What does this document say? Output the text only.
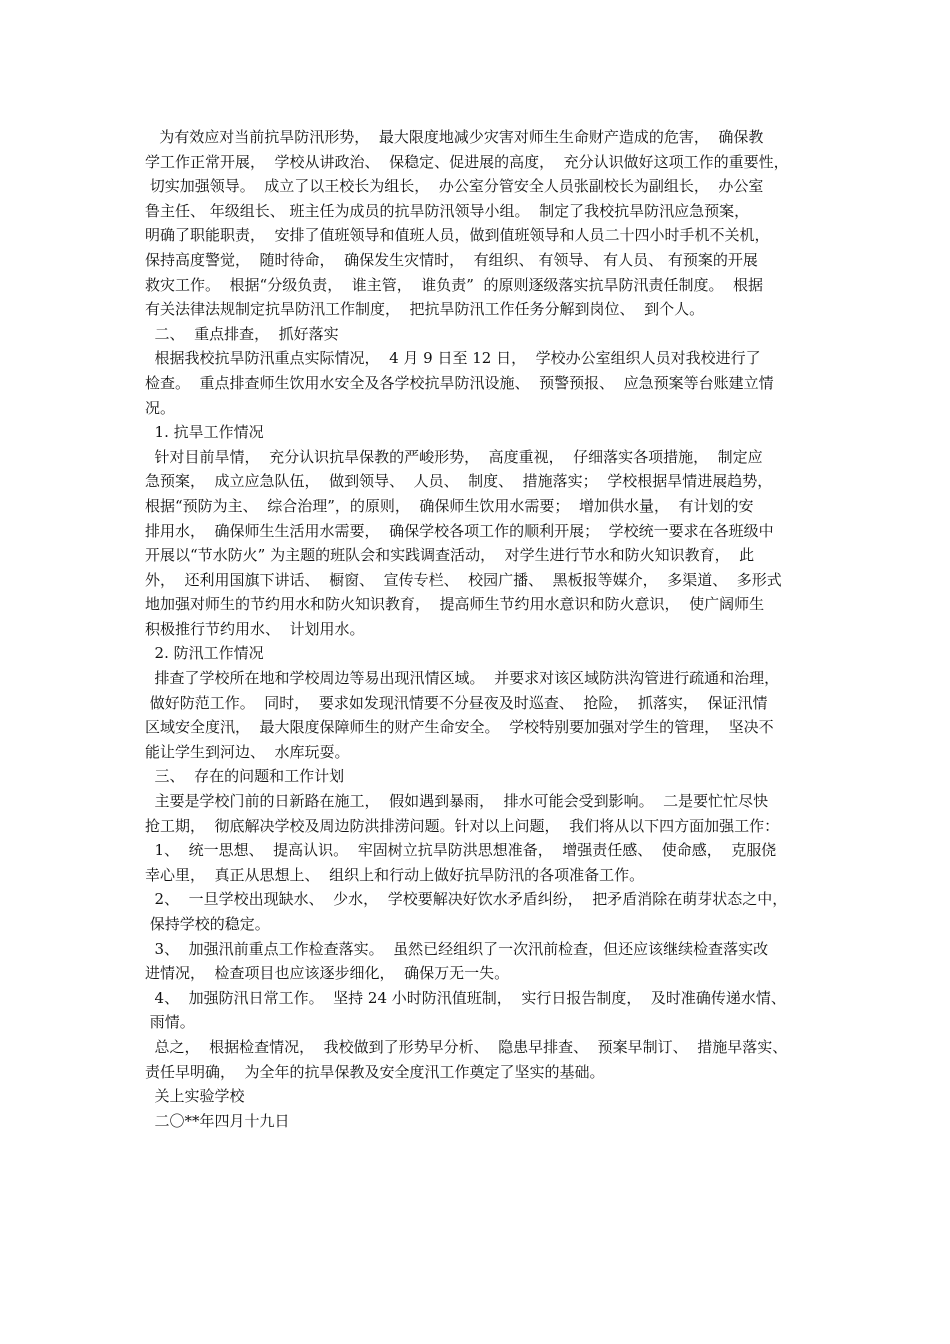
为有效应对当前抗旱防汛形势，  最大限度地减少灾害对师生生命财产造成的危害，  确保教
学工作正常开展，  学校从讲政治、  保稳定、促进展的高度，  充分认识做好这项工作的重要性，
切实加强领导。  成立了以王校长为组长，  办公室分管安全人员张副校长为副组长，  办公室
鲁主任、 年级组长、 班主任为成员的抗旱防汛领导小组。  制定了我校抗旱防汛应急预案，
明确了职能职责，  安排了值班领导和值班人员，做到值班领导和人员二十四小时手机不关机，
保持高度警觉，  随时待命，  确保发生灾情时，  有组织、 有领导、 有人员、 有预案的开展
救灾工作。  根据“分级负责，  谁主管，  谁负责”  的原则逐级落实抗旱防汛责任制度。  根据
有关法律法规制定抗旱防汛工作制度，  把抗旱防汛工作任务分解到岗位、  到个人。
二、  重点排查，  抓好落实
根据我校抗旱防汛重点实际情况，  4 月 9 日至 12 日，  学校办公室组织人员对我校进行了
检查。  重点排查师生饮用水安全及各学校抗旱防汛设施、  预警预报、  应急预案等台账建立情
况。
1. 抗旱工作情况
针对目前旱情，  充分认识抗旱保教的严峻形势，  高度重视，  仔细落实各项措施，  制定应
急预案，  成立应急队伍，  做到领导、  人员、  制度、  措施落实；  学校根据旱情进展趋势，
根据“预防为主、  综合治理”，的原则，  确保师生饮用水需要；  增加供水量，  有计划的安
排用水，  确保师生生活用水需要，  确保学校各项工作的顺利开展；  学校统一要求在各班级中
开展以“节水防火” 为主题的班队会和实践调查活动，  对学生进行节水和防火知识教育，  此
外，  还利用国旗下讲话、  橱窗、  宣传专栏、  校园广播、  黑板报等媒介，  多渠道、  多形式
地加强对师生的节约用水和防火知识教育，  提高师生节约用水意识和防火意识，  使广阔师生
积极推行节约用水、  计划用水。
2. 防汛工作情况
排查了学校所在地和学校周边等易出现汛情区域。  并要求对该区域防洪沟管进行疏通和治理，
做好防范工作。  同时，  要求如发现汛情要不分昼夜及时巡查、  抢险，  抓落实，  保证汛情
区域安全度汛，  最大限度保障师生的财产生命安全。  学校特别要加强对学生的管理，  坚决不
能让学生到河边、  水库玩耍。
三、  存在的问题和工作计划
主要是学校门前的日新路在施工，  假如遇到暴雨，  排水可能会受到影响。  二是要忙忙尽快
抢工期，  彻底解决学校及周边防洪排涝问题。针对以上问题，  我们将从以下四方面加强工作：
1、  统一思想、  提高认识。  牢固树立抗旱防洪思想准备，  增强责任感、  使命感，  克服侥
幸心里，  真正从思想上、  组织上和行动上做好抗旱防汛的各项准备工作。
2、  一旦学校出现缺水、  少水，  学校要解决好饮水矛盾纠纷，  把矛盾消除在萌芽状态之中，
保持学校的稳定。
3、  加强汛前重点工作检查落实。  虽然已经组织了一次汛前检查，但还应该继续检查落实改
进情况，  检查项目也应该逐步细化，  确保万无一失。
4、  加强防汛日常工作。  坚持 24 小时防汛值班制，  实行日报告制度，  及时准确传递水情、
雨情。
总之，  根据检查情况，  我校做到了形势早分析、  隐患早排查、  预案早制订、  措施早落实、
责任早明确，  为全年的抗旱保教及安全度汛工作奠定了坚实的基础。
关上实验学校
二〇**年四月十九日
